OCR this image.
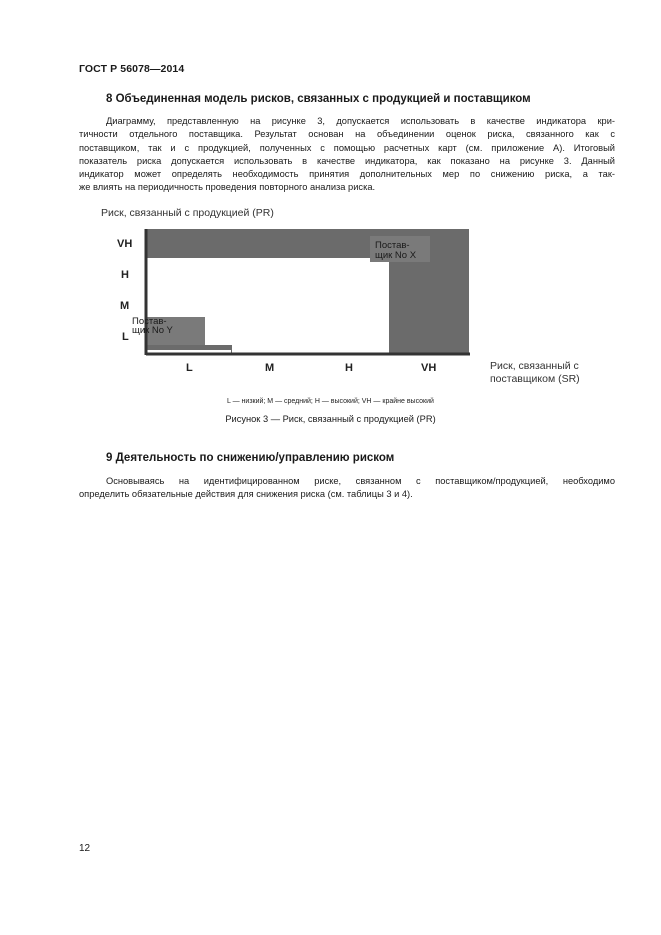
ГОСТ Р 56078—2014
8 Объединенная модель рисков, связанных с продукцией и поставщиком
Диаграмму, представленную на рисунке 3, допускается использовать в качестве индикатора кри-
тичности отдельного поставщика. Результат основан на объединении оценок риска, связанного как с
поставщиком, так и с продукцией, полученных с помощью расчетных карт (см. приложение А). Итоговый
показатель риска допускается использовать в качестве индикатора, как показано на рисунке 3. Данный
индикатор может определять необходимость принятия дополнительных мер по снижению риска, а так-
же влиять на периодичность проведения повторного анализа риска.
Риск, связанный с продукцией (PR)
VH
H
M
L
L	M	H	VH
Постав-
щик No X
Постав-
щик No Y
Риск, связанный с
поставщиком (SR)
L — низкий; M — средний; H — высокий; VH — крайне высокий
Рисунок 3 — Риск, связанный с продукцией (PR)
9 Деятельность по снижению/управлению риском
Основываясь на идентифицированном риске, связанном с поставщиком/продукцией, необходимо
определить обязательные действия для снижения риска (см. таблицы 3 и 4).
12
